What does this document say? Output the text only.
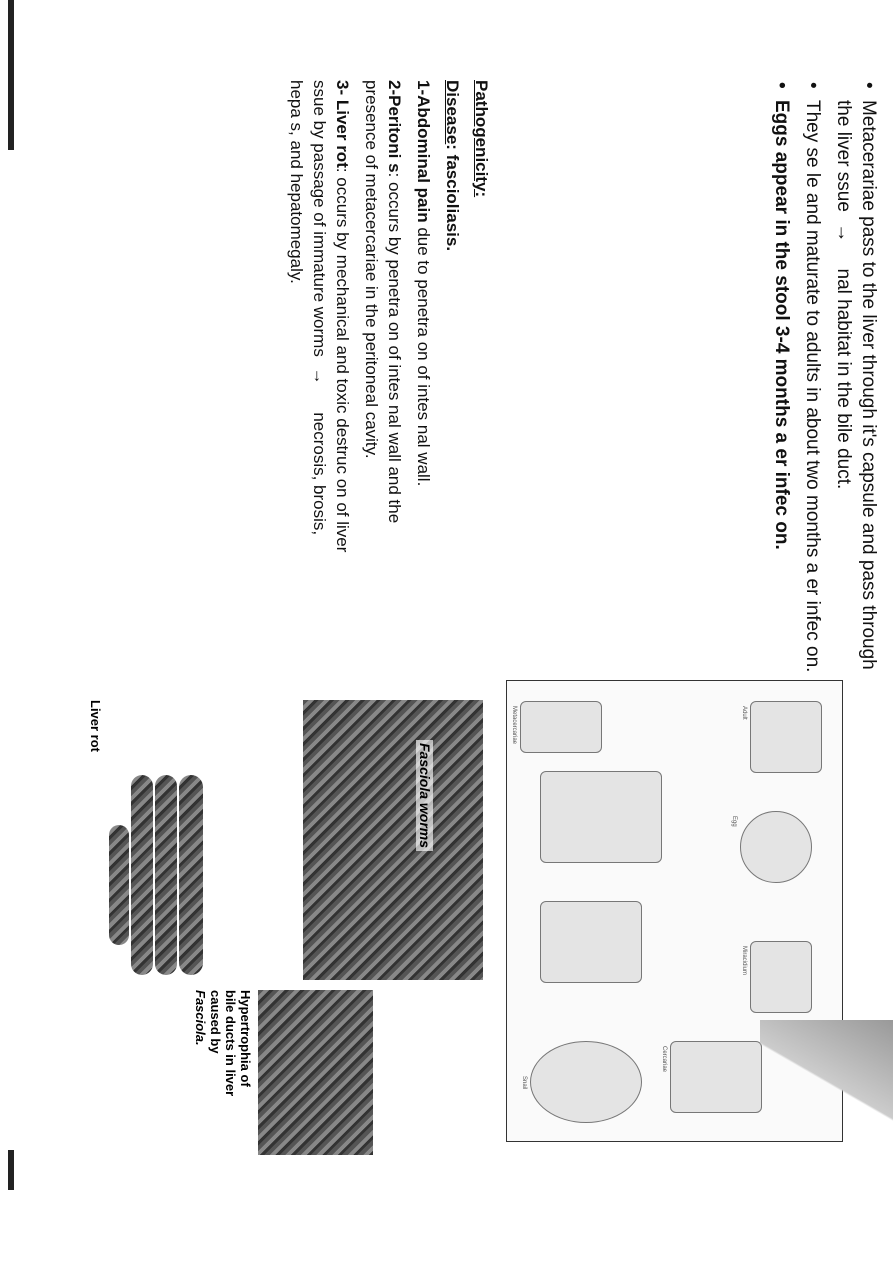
• Metacerariae pass to the liver through it's capsule and pass through the liver ssue → nal habitat in the bile duct.
• They se le and maturate to adults in about two months a er infec on.
• Eggs appear in the stool 3-4 months a er infec on.

Pathogenicity:

Disease: fascioliasis.

1-Abdominal pain due to penetra on of intes nal wall.

2-Peritoni s: occurs by penetra on of intes nal wall and the presence of metacercariae in the peritoneal cavity.

3- Liver rot: occurs by mechanical and toxic destruc on of liver ssue by passage of immature worms → necrosis, brosis, hepa s, and hepatomegaly.

Snail
Adult
Egg
Miracidium
Cercariae
Metacercariae
Fasciola worms
Hypertrophia of
bile ducts in liver
caused by
Fasciola.
Liver rot
